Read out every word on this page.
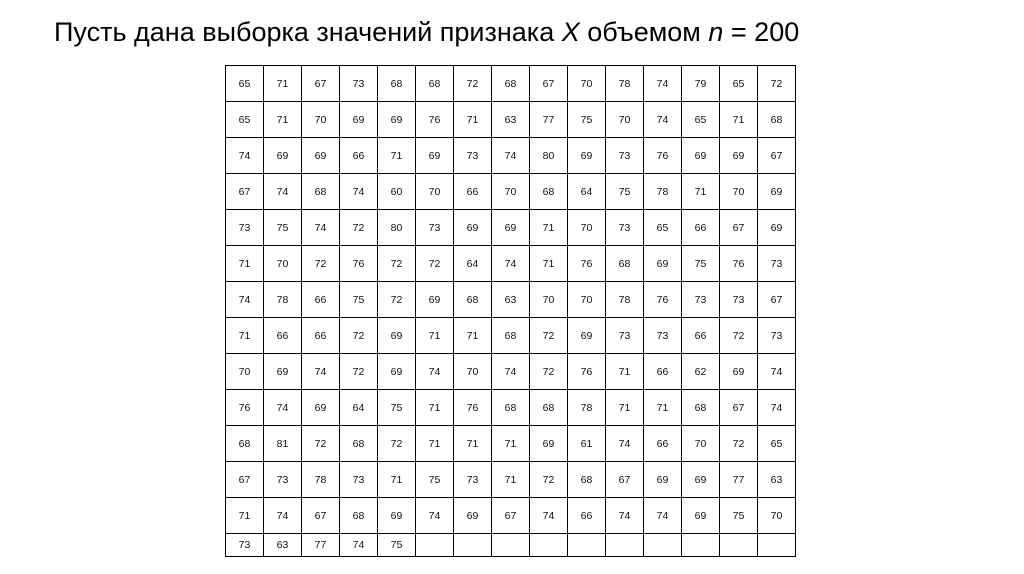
Пусть дана выборка значений признака X объемом n = 200
65	71	67	73	68	68	72	68	67	70	78	74	79	65	72
65	71	70	69	69	76	71	63	77	75	70	74	65	71	68
74	69	69	66	71	69	73	74	80	69	73	76	69	69	67
67	74	68	74	60	70	66	70	68	64	75	78	71	70	69
73	75	74	72	80	73	69	69	71	70	73	65	66	67	69
71	70	72	76	72	72	64	74	71	76	68	69	75	76	73
74	78	66	75	72	69	68	63	70	70	78	76	73	73	67
71	66	66	72	69	71	71	68	72	69	73	73	66	72	73
70	69	74	72	69	74	70	74	72	76	71	66	62	69	74
76	74	69	64	75	71	76	68	68	78	71	71	68	67	74
68	81	72	68	72	71	71	71	69	61	74	66	70	72	65
67	73	78	73	71	75	73	71	72	68	67	69	69	77	63
71	74	67	68	69	74	69	67	74	66	74	74	69	75	70
73	63	77	74	75										
